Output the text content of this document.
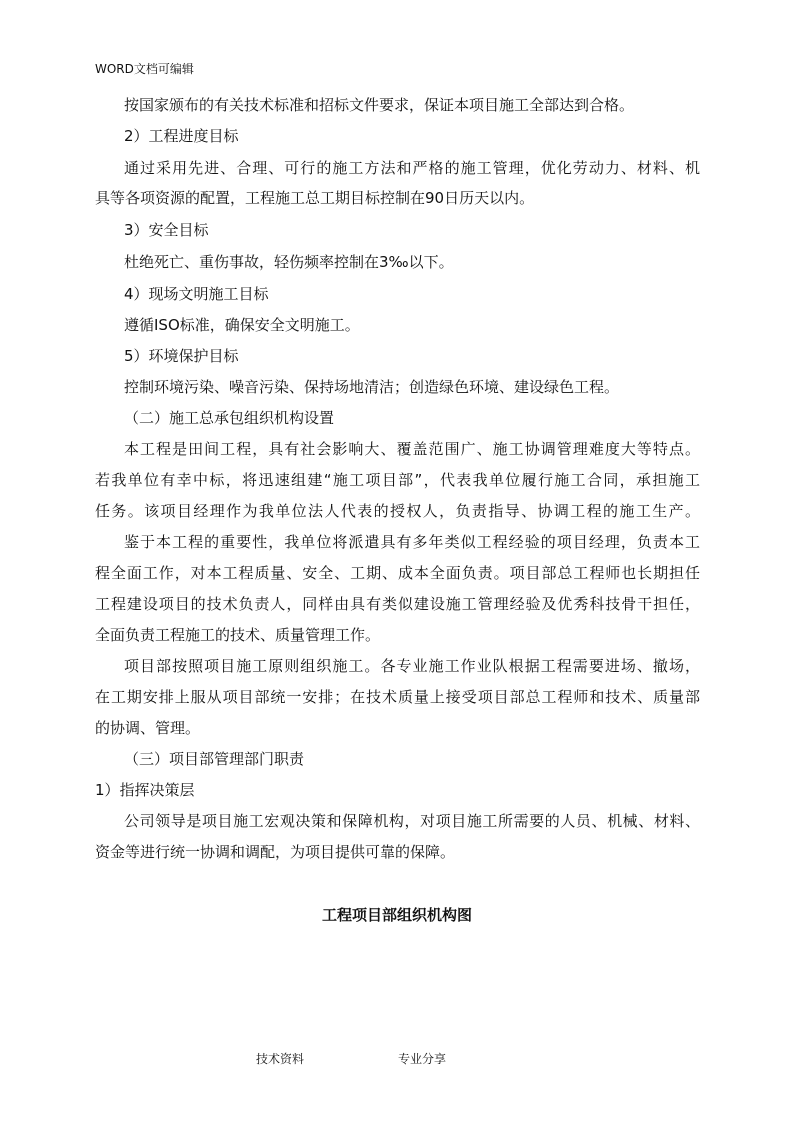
WORD文档可编辑
按国家颁布的有关技术标准和招标文件要求，保证本项目施工全部达到合格。
2）工程进度目标
通过采用先进、合理、可行的施工方法和严格的施工管理，优化劳动力、材料、机
具等各项资源的配置，工程施工总工期目标控制在90日历天以内。
3）安全目标
杜绝死亡、重伤事故，轻伤频率控制在3‰以下。
4）现场文明施工目标
遵循ISO标准，确保安全文明施工。
5）环境保护目标
控制环境污染、噪音污染、保持场地清洁；创造绿色环境、建设绿色工程。
（二）施工总承包组织机构设置
本工程是田间工程，具有社会影响大、覆盖范围广、施工协调管理难度大等特点。
若我单位有幸中标，将迅速组建“施工项目部”，代表我单位履行施工合同，承担施工
任务。该项目经理作为我单位法人代表的授权人，负责指导、协调工程的施工生产。
鉴于本工程的重要性，我单位将派遣具有多年类似工程经验的项目经理，负责本工
程全面工作，对本工程质量、安全、工期、成本全面负责。项目部总工程师也长期担任
工程建设项目的技术负责人，同样由具有类似建设施工管理经验及优秀科技骨干担任，
全面负责工程施工的技术、质量管理工作。
项目部按照项目施工原则组织施工。各专业施工作业队根据工程需要进场、撤场，
在工期安排上服从项目部统一安排；在技术质量上接受项目部总工程师和技术、质量部
的协调、管理。
（三）项目部管理部门职责
1）指挥决策层
公司领导是项目施工宏观决策和保障机构，对项目施工所需要的人员、机械、材料、
资金等进行统一协调和调配，为项目提供可靠的保障。
工程项目部组织机构图
技术资料	专业分享
